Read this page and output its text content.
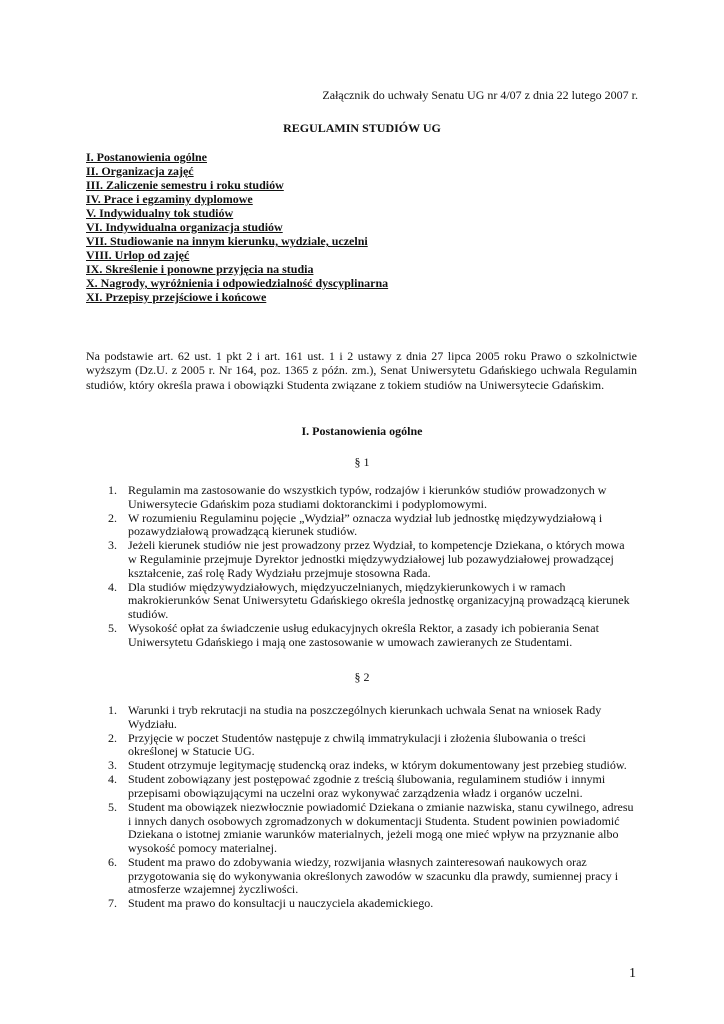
Załącznik do uchwały Senatu UG nr 4/07 z dnia 22 lutego 2007 r.
REGULAMIN STUDIÓW UG
I. Postanowienia ogólne
II. Organizacja zajęć
III. Zaliczenie semestru i roku studiów
IV. Prace i egzaminy dyplomowe
V. Indywidualny tok studiów
VI. Indywidualna organizacja studiów
VII. Studiowanie na innym kierunku, wydziale, uczelni
VIII. Urlop od zajęć
IX. Skreślenie i ponowne przyjęcia na studia
X. Nagrody, wyróżnienia i odpowiedzialność dyscyplinarna
XI. Przepisy przejściowe i końcowe

Na podstawie art. 62 ust. 1 pkt 2 i art. 161 ust. 1 i 2 ustawy z dnia 27 lipca 2005 roku Prawo o szkolnictwie wyższym (Dz.U. z 2005 r. Nr 164, poz. 1365 z późn. zm.), Senat Uniwersytetu Gdańskiego uchwala Regulamin studiów, który określa prawa i obowiązki Studenta związane z tokiem studiów na Uniwersytecie Gdańskim.

I. Postanowienia ogólne
§ 1
1. Regulamin ma zastosowanie do wszystkich typów, rodzajów i kierunków studiów prowadzonych w Uniwersytecie Gdańskim poza studiami doktoranckimi i podyplomowymi.
2. W rozumieniu Regulaminu pojęcie „Wydział” oznacza wydział lub jednostkę międzywydziałową i pozawydziałową prowadzącą kierunek studiów.
3. Jeżeli kierunek studiów nie jest prowadzony przez Wydział, to kompetencje Dziekana, o których mowa w Regulaminie przejmuje Dyrektor jednostki międzywydziałowej lub pozawydziałowej prowadzącej kształcenie, zaś rolę Rady Wydziału przejmuje stosowna Rada.
4. Dla studiów międzywydziałowych, międzyuczelnianych, międzykierunkowych i w ramach makrokierunków Senat Uniwersytetu Gdańskiego określa jednostkę organizacyjną prowadzącą kierunek studiów.
5. Wysokość opłat za świadczenie usług edukacyjnych określa Rektor, a zasady ich pobierania Senat Uniwersytetu Gdańskiego i mają one zastosowanie w umowach zawieranych ze Studentami.
§ 2
1. Warunki i tryb rekrutacji na studia na poszczególnych kierunkach uchwala Senat na wniosek Rady Wydziału.
2. Przyjęcie w poczet Studentów następuje z chwilą immatrykulacji i złożenia ślubowania o treści określonej w Statucie UG.
3. Student otrzymuje legitymację studencką oraz indeks, w którym dokumentowany jest przebieg studiów.
4. Student zobowiązany jest postępować zgodnie z treścią ślubowania, regulaminem studiów i innymi przepisami obowiązującymi na uczelni oraz wykonywać zarządzenia władz i organów uczelni.
5. Student ma obowiązek niezwłocznie powiadomić Dziekana o zmianie nazwiska, stanu cywilnego, adresu i innych danych osobowych zgromadzonych w dokumentacji Studenta. Student powinien powiadomić Dziekana o istotnej zmianie warunków materialnych, jeżeli mogą one mieć wpływ na przyznanie albo wysokość pomocy materialnej.
6. Student ma prawo do zdobywania wiedzy, rozwijania własnych zainteresowań naukowych oraz przygotowania się do wykonywania określonych zawodów w szacunku dla prawdy, sumiennej pracy i atmosferze wzajemnej życzliwości.
7. Student ma prawo do konsultacji u nauczyciela akademickiego.
1
